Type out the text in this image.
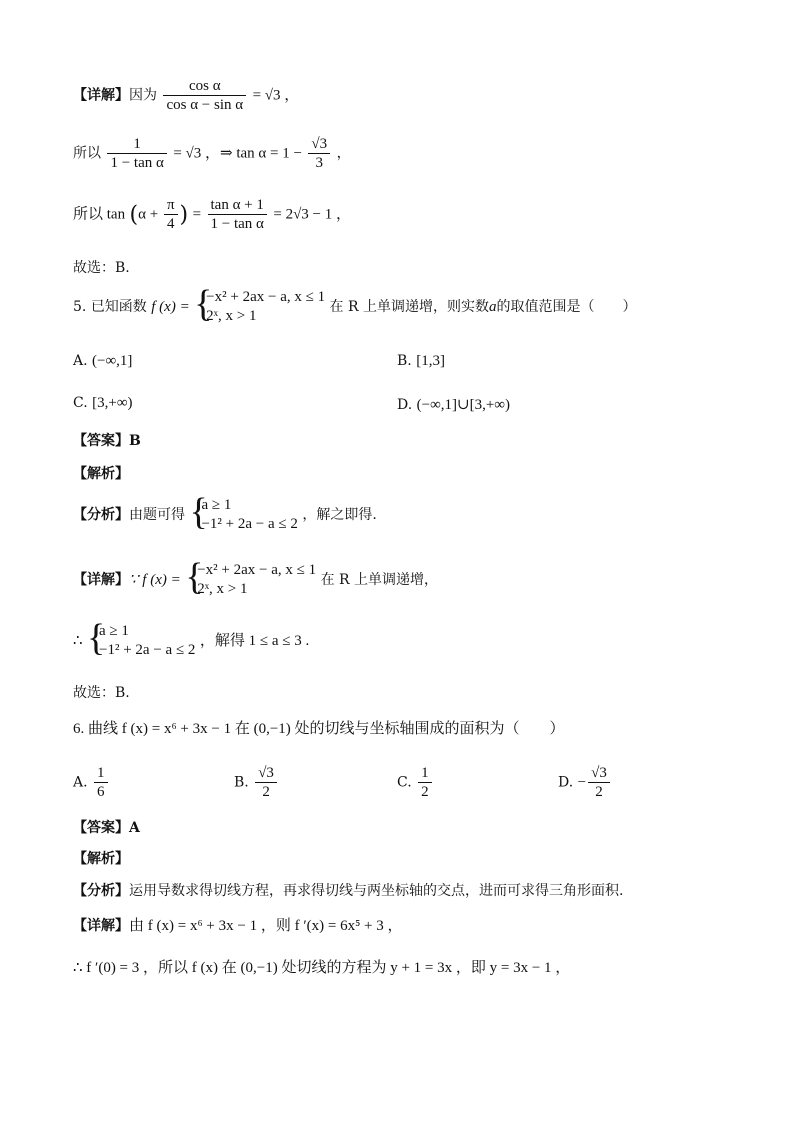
【详解】因为 $\frac{\text{cos α}}{\text{cos α − sin α}} = √3$ ，
所以 $\frac{1}{\text{1 − tan α}} = √3$ ，⇒ $\tan \alpha = 1 - \frac{√3}{3}$ ，
所以 $\tan (\alpha + \frac{\pi}{4}$ ) = $\frac{\text{tan α + 1}}{\text{1 − tan α}} = 2√3 - 1$ ，
故选：B.
5. 已知函数 f (x) =
{ −x² + 2ax − a, x ≤ 1
2ˣ, x > 1
在 R 上单调递增，则实数a的取值范围是（　　）
A. (−∞,1]	B. [1,3]
C. [3,+∞)	D. (−∞,1]∪[3,+∞)
【答案】B
【解析】
【分析】由题可得
{ a ≥ 1
−1² + 2a − a ≤ 2
，解之即得.
【详解】∵ f (x) =
{ −x² + 2ax − a, x ≤ 1
2ˣ, x > 1
在 R 上单调递增，
∴
{ a ≥ 1
−1² + 2a − a ≤ 2
，解得 1 ≤ a ≤ 3 .
故选：B.
6. 曲线 f (x) = x⁶ + 3x − 1 在 (0,−1) 处的切线与坐标轴围成的面积为（　　）
A. $\frac{1}{6}$	B. $\frac{√3}{2}$	C. $\frac{1}{2}$	D. − $\frac{√3}{2}$
【答案】A
【解析】
【分析】运用导数求得切线方程，再求得切线与两坐标轴的交点，进而可求得三角形面积.
【详解】由 f (x) = x⁶ + 3x − 1 ，则 f ′(x) = 6x⁵ + 3 ，
∴ f ′(0) = 3 ，所以 f (x) 在 (0,−1) 处切线的方程为 y + 1 = 3x ，即 y = 3x − 1 ，
